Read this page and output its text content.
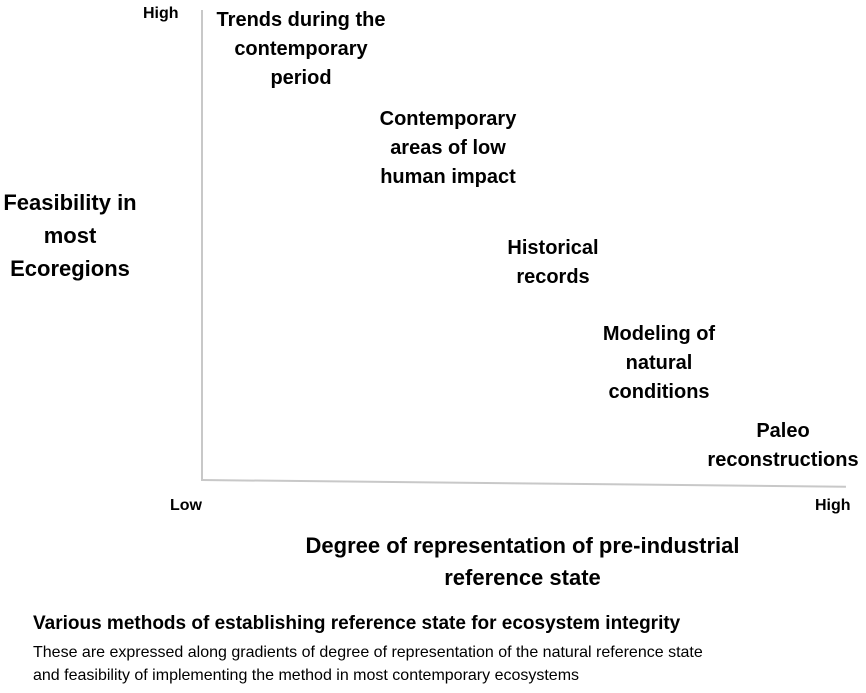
High
Low	High
Feasibility in
most
Ecoregions
Degree of representation of pre-industrial
reference state
Trends during the
contemporary
period
Contemporary
areas of low
human impact
Historical
records
Modeling of
natural
conditions
Paleo
reconstructions
Various methods of establishing reference state for ecosystem integrity
These are expressed along gradients of degree of representation of the natural reference state
and feasibility of implementing the method in most contemporary ecosystems
